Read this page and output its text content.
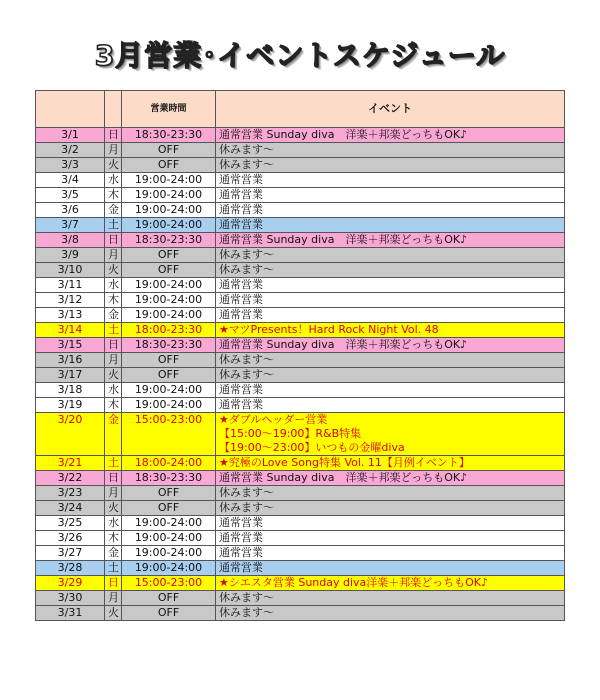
3月営業･イベントスケジュール
		営業時間	イベント
3/1	日	18:30-23:30	通常営業 Sunday diva　洋楽＋邦楽どっちもOK♪

3/2	月	OFF	休みます～

3/3	火	OFF	休みます～

3/4	水	19:00-24:00	通常営業

3/5	木	19:00-24:00	通常営業

3/6	金	19:00-24:00	通常営業

3/7	土	19:00-24:00	通常営業

3/8	日	18:30-23:30	通常営業 Sunday diva　洋楽＋邦楽どっちもOK♪

3/9	月	OFF	休みます～

3/10	火	OFF	休みます～

3/11	水	19:00-24:00	通常営業

3/12	木	19:00-24:00	通常営業

3/13	金	19:00-24:00	通常営業

3/14	土	18:00-23:30	★マツPresents！Hard Rock Night Vol. 48

3/15	日	18:30-23:30	通常営業 Sunday diva　洋楽＋邦楽どっちもOK♪

3/16	月	OFF	休みます～

3/17	火	OFF	休みます～

3/18	水	19:00-24:00	通常営業

3/19	木	19:00-24:00	通常営業

3/20	金	15:00-23:00	★ダブルヘッダー営業
【15:00～19:00】R&B特集
【19:00～23:00】いつもの金曜diva

3/21	土	18:00-24:00	★究極のLove Song特集 Vol. 11【月例イベント】

3/22	日	18:30-23:30	通常営業 Sunday diva　洋楽＋邦楽どっちもOK♪

3/23	月	OFF	休みます～

3/24	火	OFF	休みます～

3/25	水	19:00-24:00	通常営業

3/26	木	19:00-24:00	通常営業

3/27	金	19:00-24:00	通常営業

3/28	土	19:00-24:00	通常営業

3/29	日	15:00-23:00	★シエスタ営業 Sunday diva洋楽＋邦楽どっちもOK♪

3/30	月	OFF	休みます～

3/31	火	OFF	休みます～
